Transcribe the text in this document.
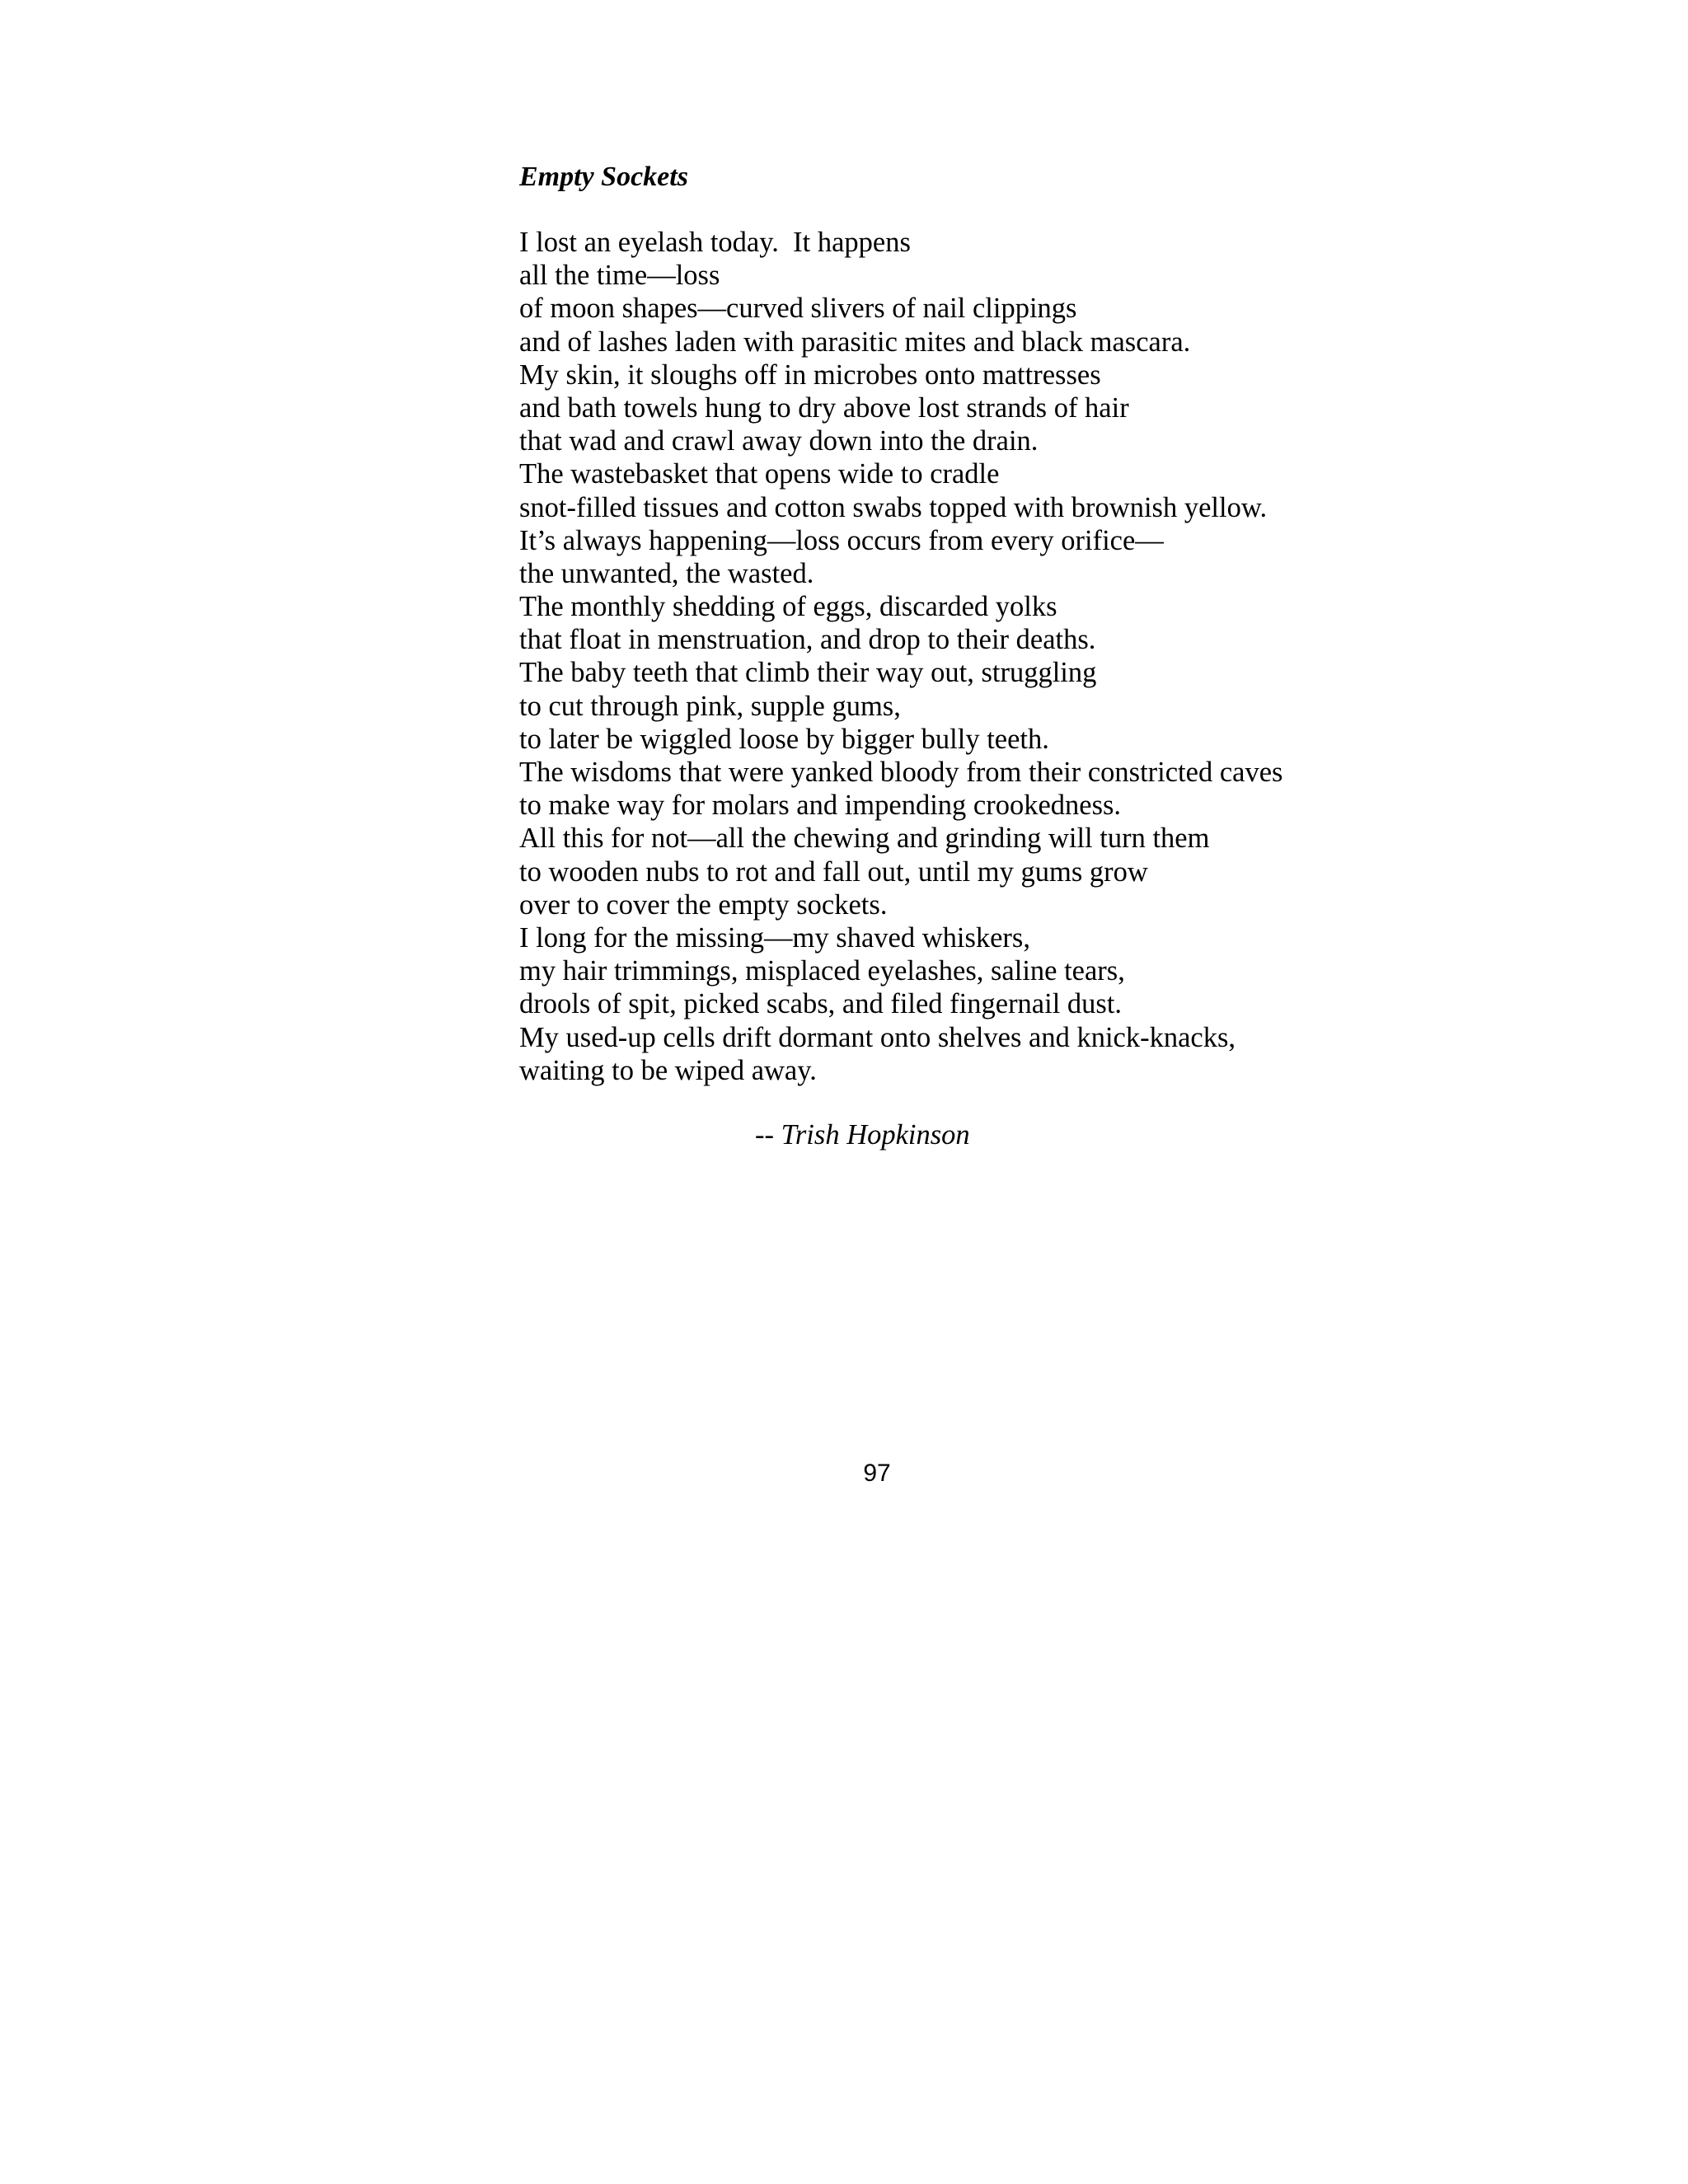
Empty Sockets
I lost an eyelash today.  It happens
all the time—loss
of moon shapes—curved slivers of nail clippings
and of lashes laden with parasitic mites and black mascara.
My skin, it sloughs off in microbes onto mattresses
and bath towels hung to dry above lost strands of hair
that wad and crawl away down into the drain.
The wastebasket that opens wide to cradle
snot-filled tissues and cotton swabs topped with brownish yellow.
It’s always happening—loss occurs from every orifice—
the unwanted, the wasted.
The monthly shedding of eggs, discarded yolks
that float in menstruation, and drop to their deaths.
The baby teeth that climb their way out, struggling
to cut through pink, supple gums,
to later be wiggled loose by bigger bully teeth.
The wisdoms that were yanked bloody from their constricted caves
to make way for molars and impending crookedness.
All this for not—all the chewing and grinding will turn them
to wooden nubs to rot and fall out, until my gums grow
over to cover the empty sockets.
I long for the missing—my shaved whiskers,
my hair trimmings, misplaced eyelashes, saline tears,
drools of spit, picked scabs, and filed fingernail dust.
My used-up cells drift dormant onto shelves and knick-knacks,
waiting to be wiped away.

-- Trish Hopkinson

97
